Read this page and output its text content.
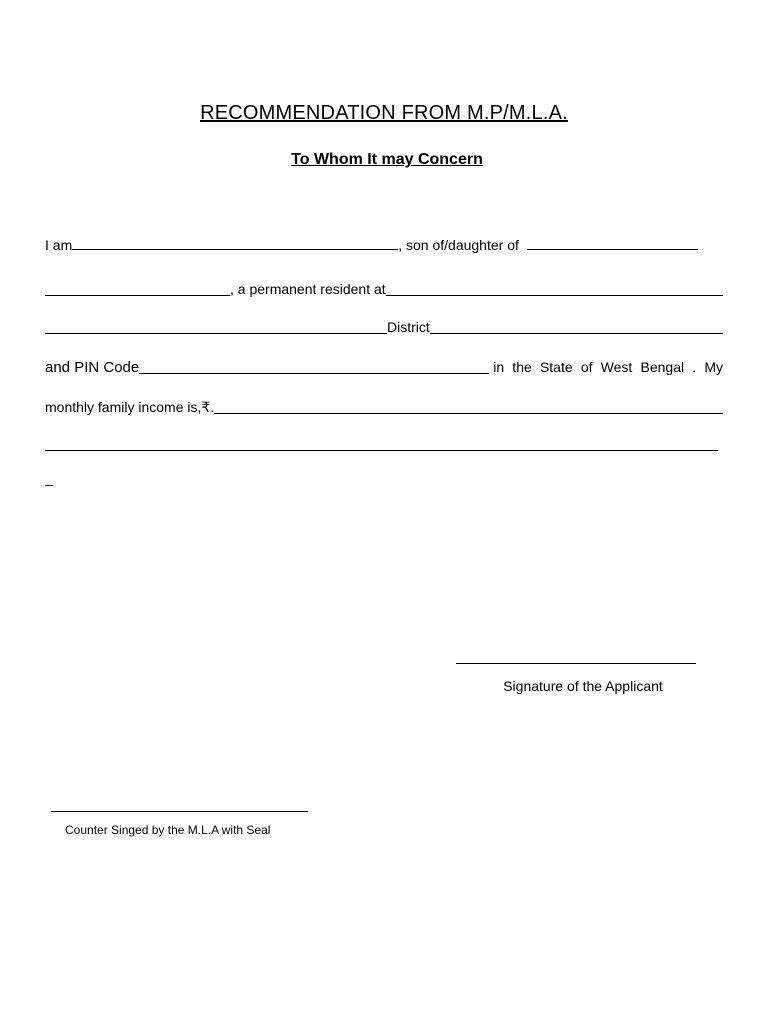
RECOMMENDATION FROM M.P/M.L.A.
To Whom It may Concern
I am	, son of/daughter of
, a permanent resident at
District
and PIN Code	in the State of West Bengal . My
monthly family income is,₹.
_
Signature of the Applicant
Counter Singed by the M.L.A with Seal
